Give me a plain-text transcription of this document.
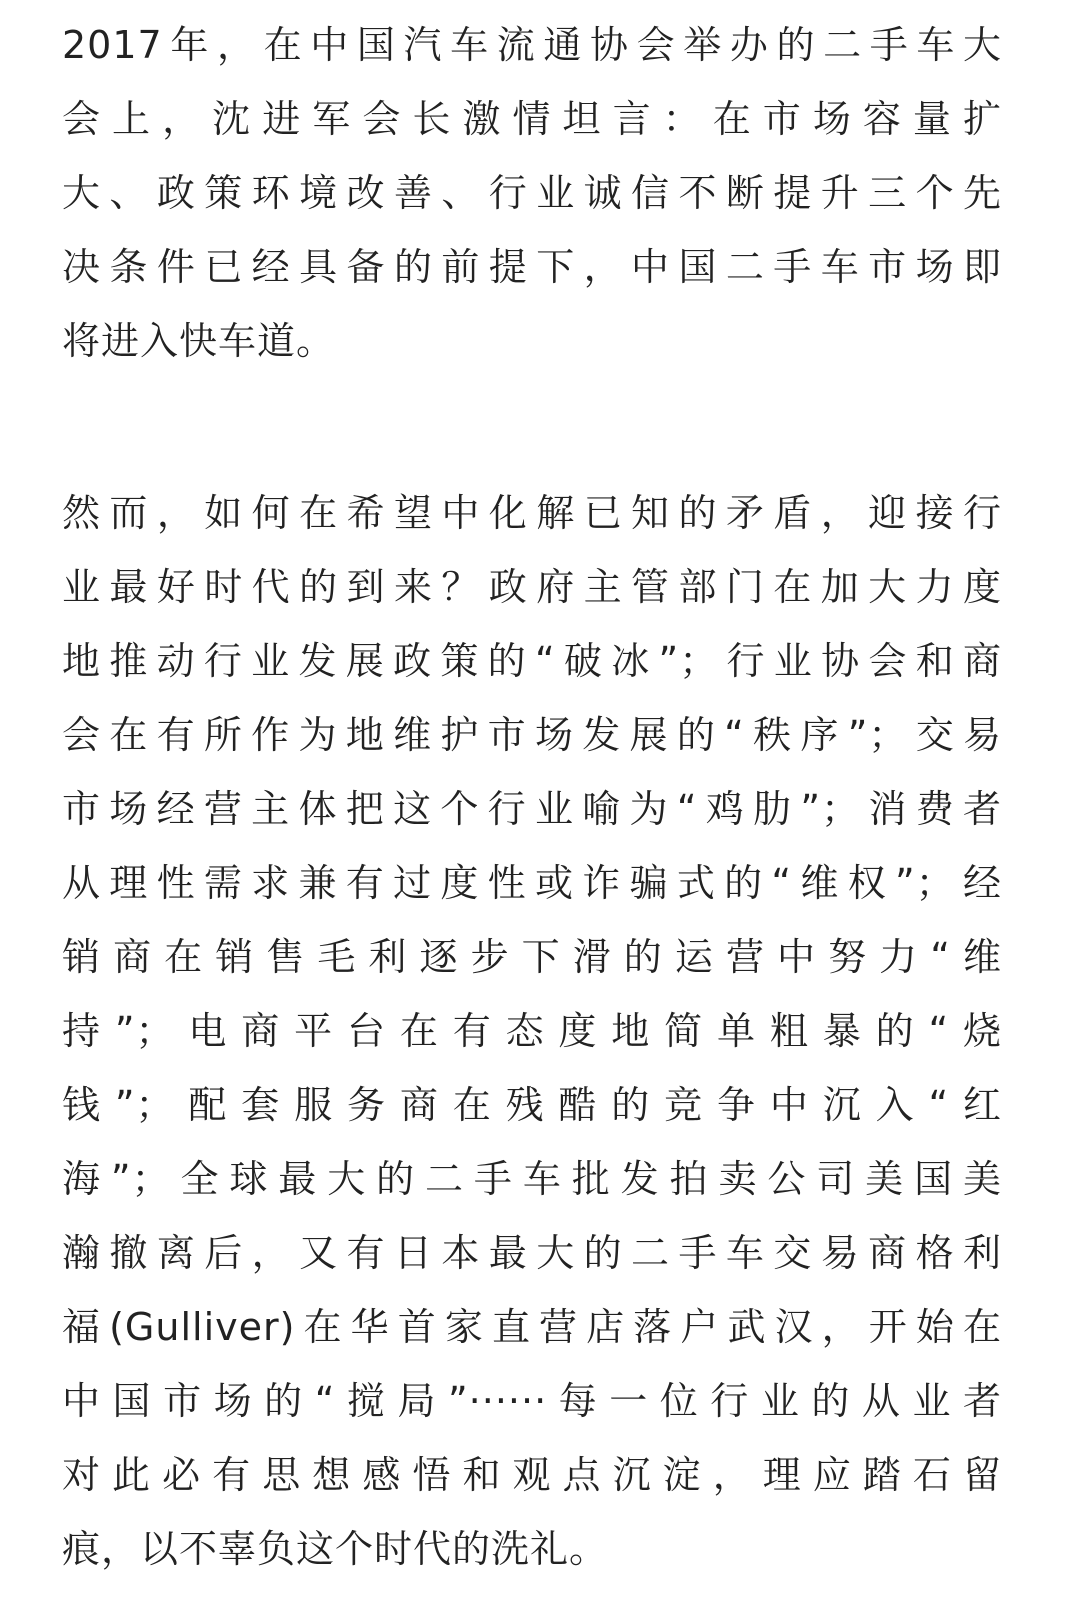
2017年，在中国汽车流通协会举办的二手车大
会上，沈进军会长激情坦言：在市场容量扩
大、政策环境改善、行业诚信不断提升三个先
决条件已经具备的前提下，中国二手车市场即
将进入快车道。
然而，如何在希望中化解已知的矛盾，迎接行
业最好时代的到来？政府主管部门在加大力度
地推动行业发展政策的“破冰”；行业协会和商
会在有所作为地维护市场发展的“秩序”；交易
市场经营主体把这个行业喻为“鸡肋”；消费者
从理性需求兼有过度性或诈骗式的“维权”；经
销商在销售毛利逐步下滑的运营中努力“维
持”；电商平台在有态度地简单粗暴的“烧
钱”；配套服务商在残酷的竞争中沉入“红
海”；全球最大的二手车批发拍卖公司美国美
瀚撤离后，又有日本最大的二手车交易商格利
福(Gulliver)在华首家直营店落户武汉，开始在
中国市场的“搅局”······每一位行业的从业者
对此必有思想感悟和观点沉淀，理应踏石留
痕，以不辜负这个时代的洗礼。
